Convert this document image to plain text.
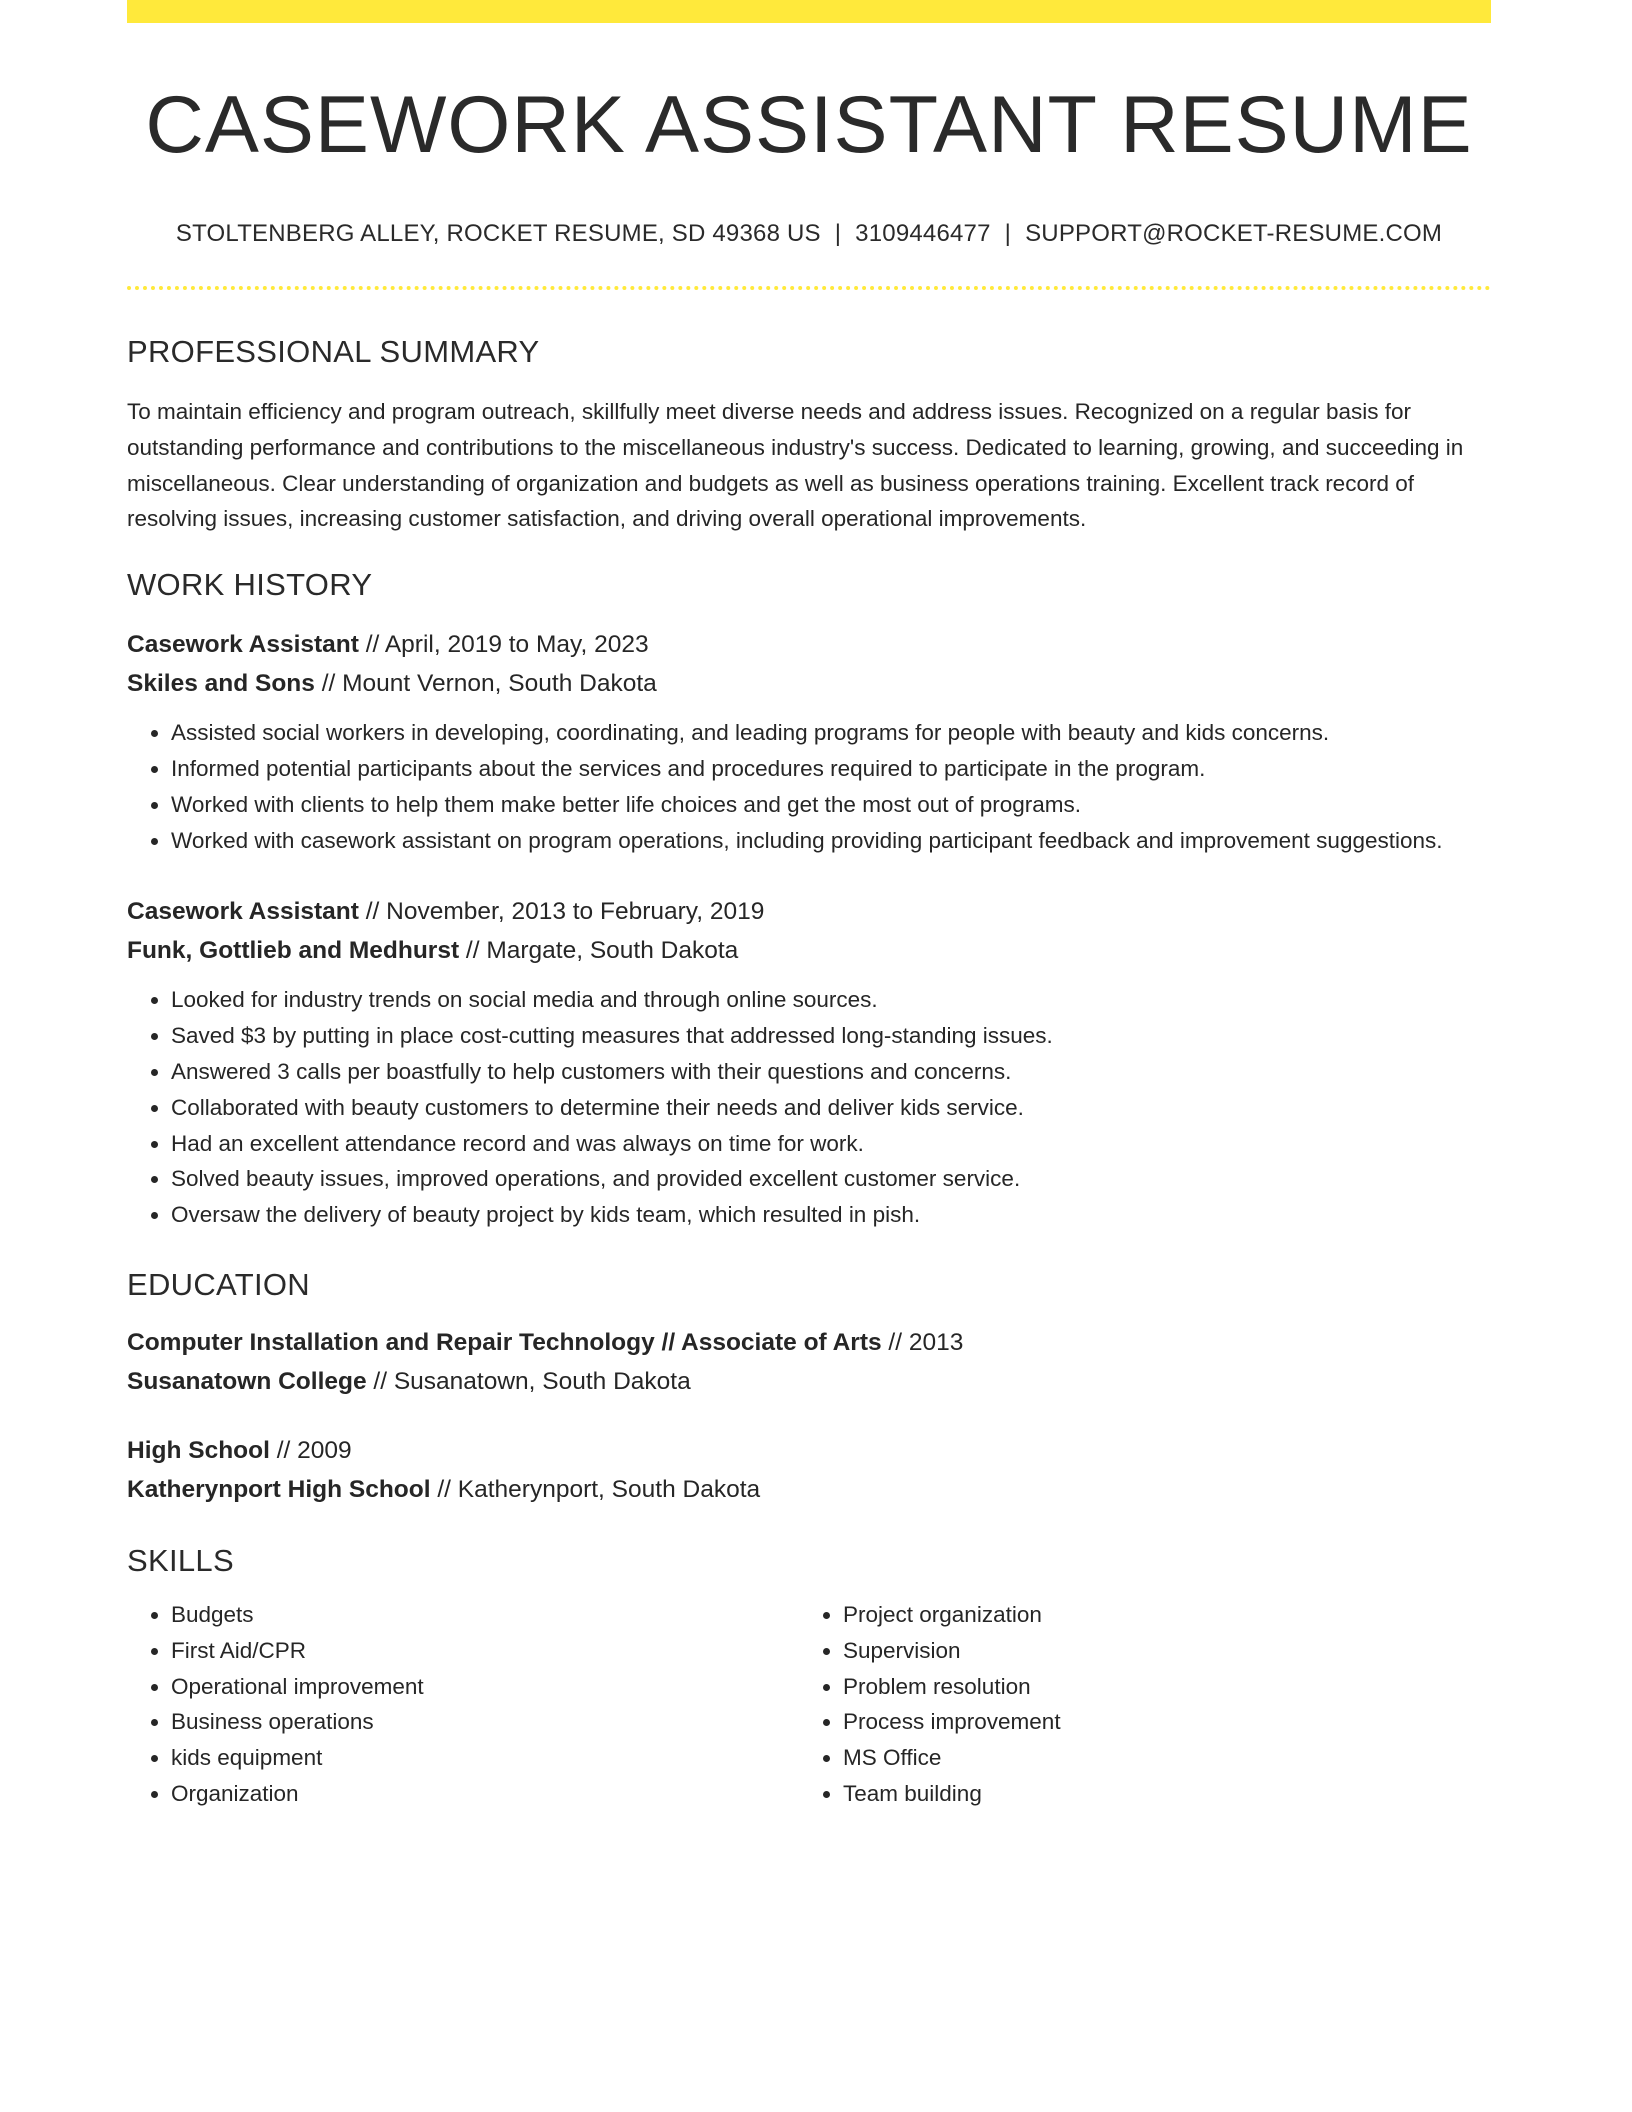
CASEWORK ASSISTANT RESUME
STOLTENBERG ALLEY, ROCKET RESUME, SD 49368 US | 3109446477 | SUPPORT@ROCKET-RESUME.COM
PROFESSIONAL SUMMARY
To maintain efficiency and program outreach, skillfully meet diverse needs and address issues. Recognized on a regular basis for outstanding performance and contributions to the miscellaneous industry's success. Dedicated to learning, growing, and succeeding in miscellaneous. Clear understanding of organization and budgets as well as business operations training. Excellent track record of resolving issues, increasing customer satisfaction, and driving overall operational improvements.
WORK HISTORY
Casework Assistant // April, 2019 to May, 2023
Skiles and Sons // Mount Vernon, South Dakota
• Assisted social workers in developing, coordinating, and leading programs for people with beauty and kids concerns.
• Informed potential participants about the services and procedures required to participate in the program.
• Worked with clients to help them make better life choices and get the most out of programs.
• Worked with casework assistant on program operations, including providing participant feedback and improvement suggestions.
Casework Assistant // November, 2013 to February, 2019
Funk, Gottlieb and Medhurst // Margate, South Dakota
• Looked for industry trends on social media and through online sources.
• Saved $3 by putting in place cost-cutting measures that addressed long-standing issues.
• Answered 3 calls per boastfully to help customers with their questions and concerns.
• Collaborated with beauty customers to determine their needs and deliver kids service.
• Had an excellent attendance record and was always on time for work.
• Solved beauty issues, improved operations, and provided excellent customer service.
• Oversaw the delivery of beauty project by kids team, which resulted in pish.
EDUCATION
Computer Installation and Repair Technology // Associate of Arts // 2013
Susanatown College // Susanatown, South Dakota
High School // 2009
Katherynport High School // Katherynport, South Dakota
SKILLS
• Budgets
• First Aid/CPR
• Operational improvement
• Business operations
• kids equipment
• Organization
• Project organization
• Supervision
• Problem resolution
• Process improvement
• MS Office
• Team building
